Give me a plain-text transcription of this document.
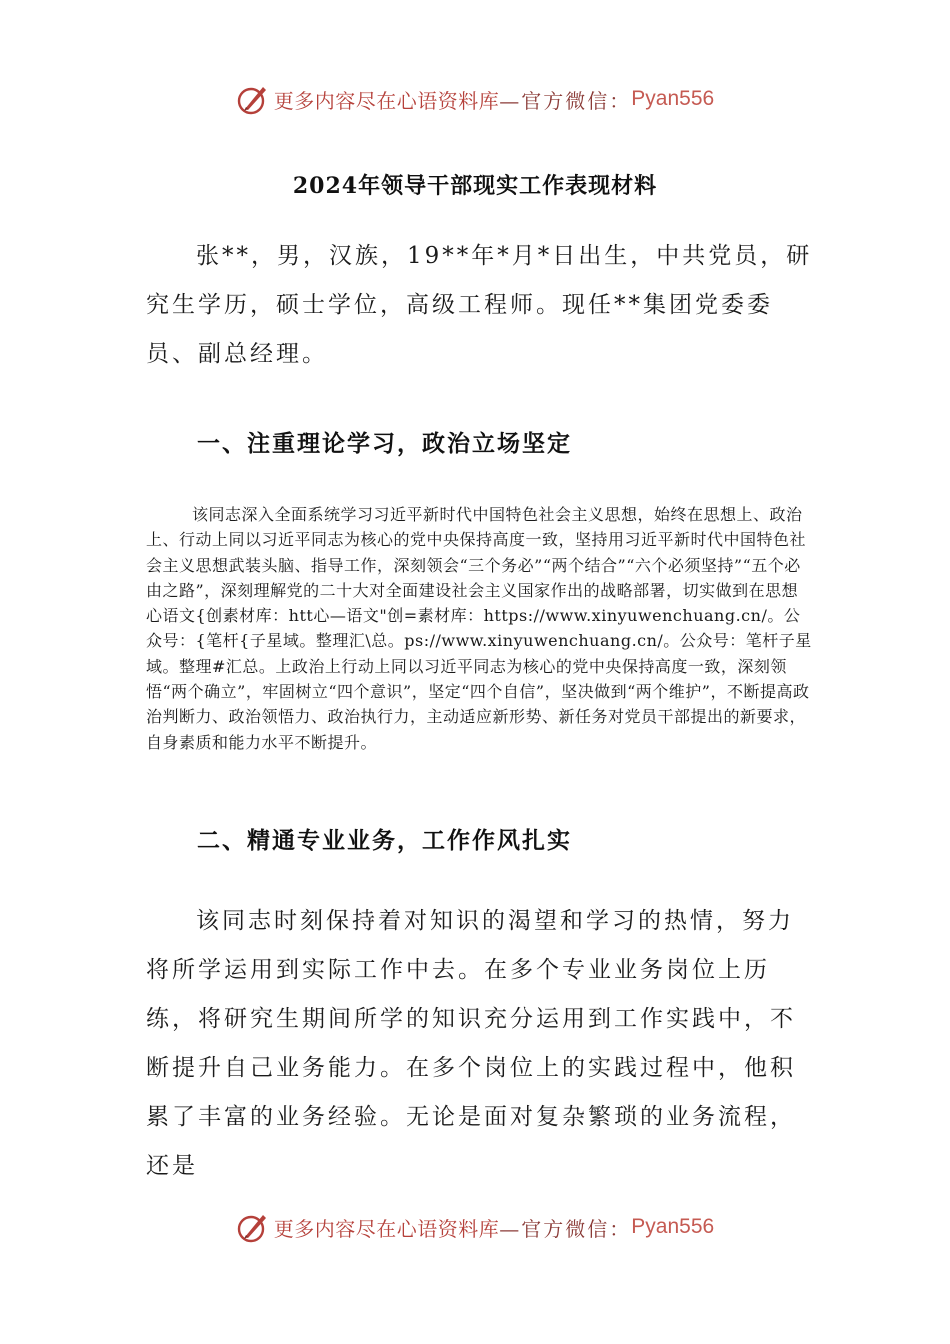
更多内容尽在心语资料库 —官方微信： Pyan556
2024年领导干部现实工作表现材料

张**，男，汉族，19**年*月*日出生，中共党员，研究生学历，硕士学位，高级工程师。现任**集团党委委员、副总经理。

一、注重理论学习，政治立场坚定

该同志深入全面系统学习习近平新时代中国特色社会主义思想，始终在思想上、政治上、行动上同以习近平同志为核心的党中央保持高度一致，坚持用习近平新时代中国特色社会主义思想武装头脑、指导工作，深刻领会“三个务必”“两个结合”“六个必须坚持”“五个必由之路”，深刻理解党的二十大对全面建设社会主义国家作出的战略部署，切实做到在思想心语文{创素材库：htt心—语文"创=素材库：https://www.xinyuwenchuang.cn/。公众号：{笔杆{子星域。整理汇\总。ps://www.xinyuwenchuang.cn/。公众号：笔杆子星域。整理#汇总。上政治上行动上同以习近平同志为核心的党中央保持高度一致，深刻领悟“两个确立”，牢固树立“四个意识”，坚定“四个自信”，坚决做到“两个维护”，不断提高政治判断力、政治领悟力、政治执行力，主动适应新形势、新任务对党员干部提出的新要求，自身素质和能力水平不断提升。

二、精通专业业务，工作作风扎实

该同志时刻保持着对知识的渴望和学习的热情，努力将所学运用到实际工作中去。在多个专业业务岗位上历练，将研究生期间所学的知识充分运用到工作实践中，不断提升自己业务能力。在多个岗位上的实践过程中，他积累了丰富的业务经验。无论是面对复杂繁琐的业务流程，还是

更多内容尽在心语资料库 —官方微信： Pyan556
